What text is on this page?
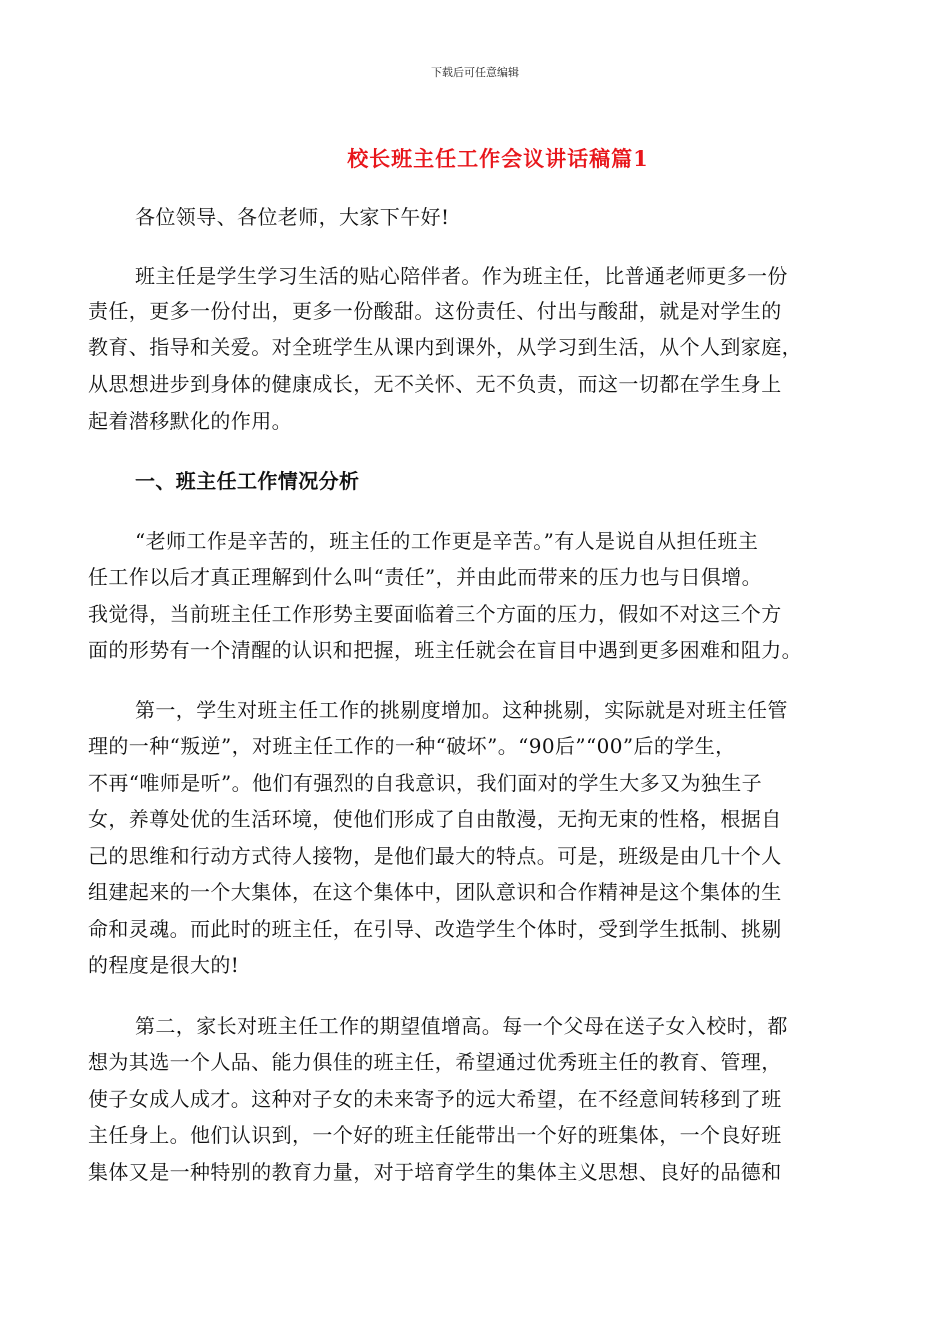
下载后可任意编辑
校长班主任工作会议讲话稿篇1
各位领导、各位老师，大家下午好!
班主任是学生学习生活的贴心陪伴者。作为班主任，比普通老师更多一份
责任，更多一份付出，更多一份酸甜。这份责任、付出与酸甜，就是对学生的
教育、指导和关爱。对全班学生从课内到课外，从学习到生活，从个人到家庭，
从思想进步到身体的健康成长，无不关怀、无不负责，而这一切都在学生身上
起着潜移默化的作用。
一、班主任工作情况分析
“老师工作是辛苦的，班主任的工作更是辛苦。”有人是说自从担任班主
任工作以后才真正理解到什么叫“责任”，并由此而带来的压力也与日俱增。
我觉得，当前班主任工作形势主要面临着三个方面的压力，假如不对这三个方
面的形势有一个清醒的认识和把握，班主任就会在盲目中遇到更多困难和阻力。
第一，学生对班主任工作的挑剔度增加。这种挑剔，实际就是对班主任管
理的一种“叛逆”，对班主任工作的一种“破坏”。“90后”“00”后的学生，
不再“唯师是听”。他们有强烈的自我意识，我们面对的学生大多又为独生子
女，养尊处优的生活环境，使他们形成了自由散漫，无拘无束的性格，根据自
己的思维和行动方式待人接物，是他们最大的特点。可是，班级是由几十个人
组建起来的一个大集体，在这个集体中，团队意识和合作精神是这个集体的生
命和灵魂。而此时的班主任，在引导、改造学生个体时，受到学生抵制、挑剔
的程度是很大的!
第二，家长对班主任工作的期望值增高。每一个父母在送子女入校时，都
想为其选一个人品、能力俱佳的班主任，希望通过优秀班主任的教育、管理，
使子女成人成才。这种对子女的未来寄予的远大希望，在不经意间转移到了班
主任身上。他们认识到，一个好的班主任能带出一个好的班集体，一个良好班
集体又是一种特别的教育力量，对于培育学生的集体主义思想、良好的品德和
